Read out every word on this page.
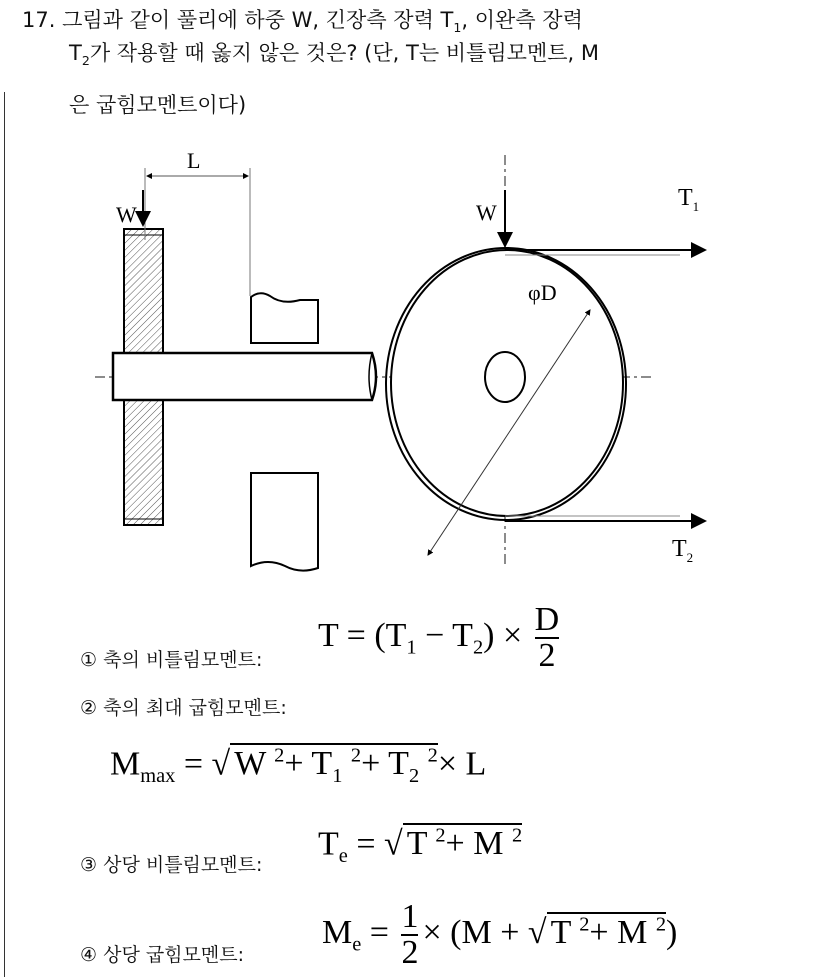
17. 그림과 같이 풀리에 하중 W, 긴장측 장력 $T_1$, 이완측 장력
$T_2$가 작용할 때 옳지 않은 것은? (단, T는 비틀림모멘트, M
은 굽힘모멘트이다)
L
W	W
$T_1$
$T_2$
φD
① 축의 비틀림모멘트:
$T = (T_1 - T_2) \times \frac{D}{2}$
② 축의 최대 굽힘모멘트:
$M_{max}$ = √ W $^2+ T_1$ $^2+ T_2$ $^2$× L
③ 상당 비틀림모멘트:
$T_e$ = √ T $^2$+ M $^2$
④ 상당 굽힘모멘트:
$M_e = \frac{1}{2} \times (M$ + √ T $^2$+ M $^2$)
